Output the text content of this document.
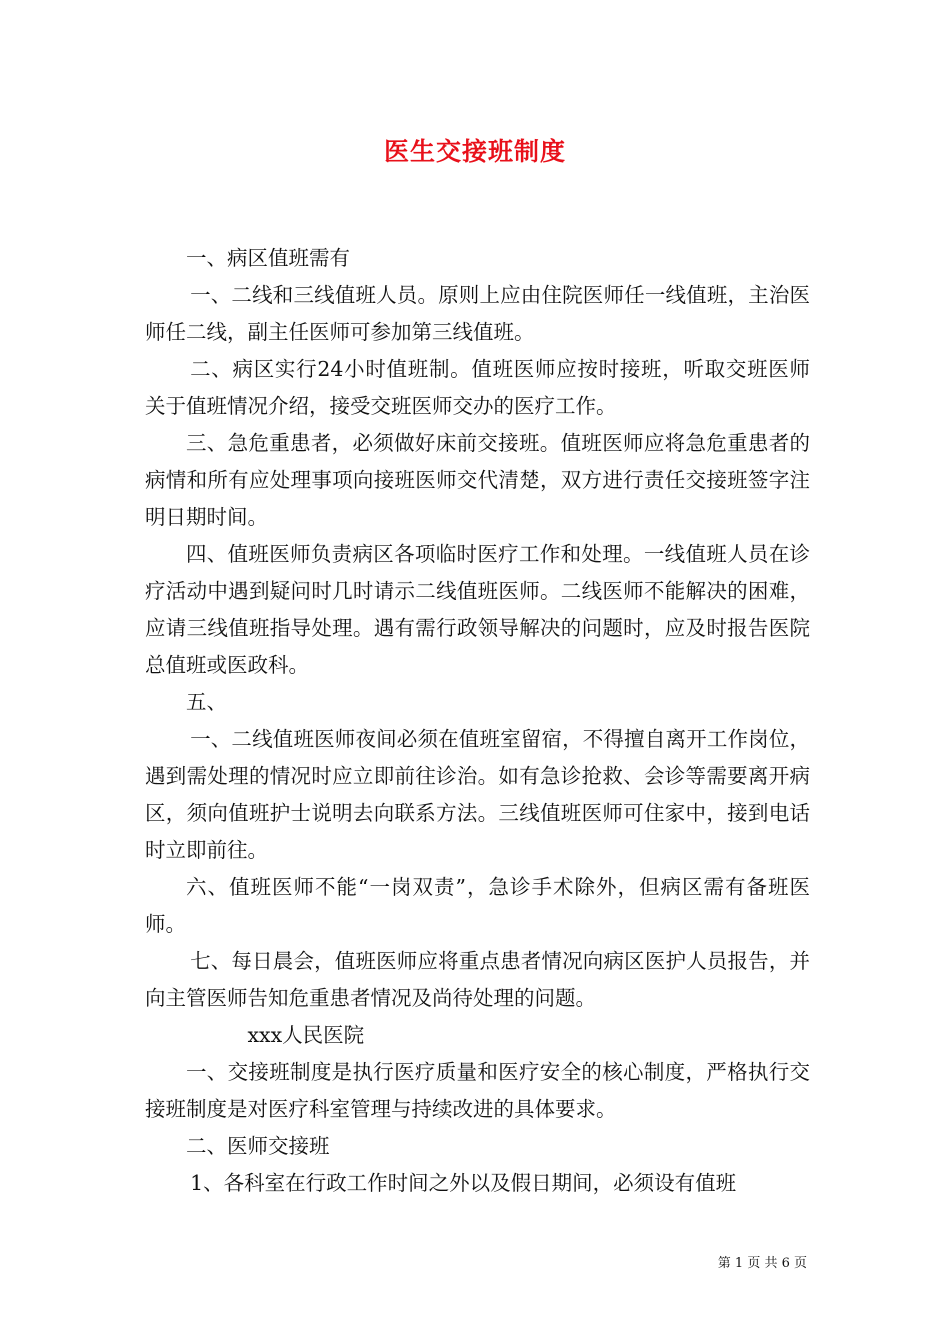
医生交接班制度

一、病区值班需有

一、二线和三线值班人员。原则上应由住院医师任一线值班，主治医师任二线，副主任医师可参加第三线值班。

二、病区实行24小时值班制。值班医师应按时接班，听取交班医师关于值班情况介绍，接受交班医师交办的医疗工作。

三、急危重患者，必须做好床前交接班。值班医师应将急危重患者的病情和所有应处理事项向接班医师交代清楚，双方进行责任交接班签字注明日期时间。

四、值班医师负责病区各项临时医疗工作和处理。一线值班人员在诊疗活动中遇到疑问时几时请示二线值班医师。二线医师不能解决的困难，应请三线值班指导处理。遇有需行政领导解决的问题时，应及时报告医院总值班或医政科。

五、

一、二线值班医师夜间必须在值班室留宿，不得擅自离开工作岗位，遇到需处理的情况时应立即前往诊治。如有急诊抢救、会诊等需要离开病区，须向值班护士说明去向联系方法。三线值班医师可住家中，接到电话时立即前往。

六、值班医师不能“一岗双责”，急诊手术除外，但病区需有备班医师。

七、每日晨会，值班医师应将重点患者情况向病区医护人员报告，并向主管医师告知危重患者情况及尚待处理的问题。

xxx人民医院

一、交接班制度是执行医疗质量和医疗安全的核心制度，严格执行交接班制度是对医疗科室管理与持续改进的具体要求。

二、医师交接班

1、各科室在行政工作时间之外以及假日期间，必须设有值班

第 1 页 共 6 页
